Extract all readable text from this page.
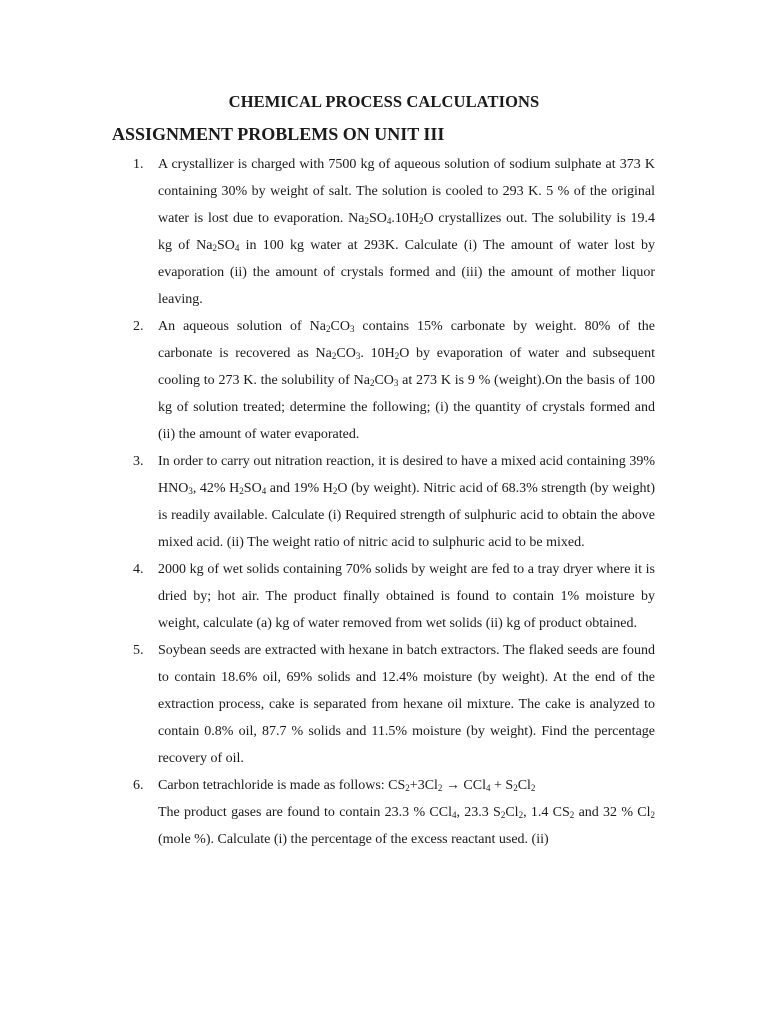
CHEMICAL PROCESS CALCULATIONS
ASSIGNMENT PROBLEMS ON UNIT III
1.	A crystallizer is charged with 7500 kg of aqueous solution of sodium sulphate at 373 K containing 30% by weight of salt. The solution is cooled to 293 K. 5 % of the original water is lost due to evaporation. $Na_2SO_4.10H_2O$ crystallizes out. The solubility is 19.4 kg of $Na_2SO_4$ in 100 kg water at 293K. Calculate (i) The amount of water lost by evaporation (ii) the amount of crystals formed and (iii) the amount of mother liquor leaving.

2.	An aqueous solution of $Na_2CO_3$ contains 15% carbonate by weight. 80% of the carbonate is recovered as $Na_2CO_3$. $10H_2O$ by evaporation of water and subsequent cooling to 273 K. the solubility of $Na_2CO_3$ at 273 K is 9 % (weight).On the basis of 100 kg of solution treated; determine the following; (i) the quantity of crystals formed and (ii) the amount of water evaporated.

3.	In order to carry out nitration reaction, it is desired to have a mixed acid containing 39% $HNO_3$, 42% $H_2SO_4$ and 19% $H_2O$ (by weight). Nitric acid of 68.3% strength (by weight) is readily available. Calculate (i) Required strength of sulphuric acid to obtain the above mixed acid. (ii) The weight ratio of nitric acid to sulphuric acid to be mixed.

4.	2000 kg of wet solids containing 70% solids by weight are fed to a tray dryer where it is dried by; hot air. The product finally obtained is found to contain 1% moisture by weight, calculate (a) kg of water removed from wet solids (ii) kg of product obtained.

5.	Soybean seeds are extracted with hexane in batch extractors. The flaked seeds are found to contain 18.6% oil, 69% solids and 12.4% moisture (by weight). At the end of the extraction process, cake is separated from hexane oil mixture. The cake is analyzed to contain 0.8% oil, 87.7 % solids and 11.5% moisture (by weight). Find the percentage recovery of oil.

6.	Carbon tetrachloride is made as follows: $CS_2+3Cl_2 \to CCl_4 + S_2Cl_2$

The product gases are found to contain 23.3 % CCl$_4$, 23.3 $S_2Cl_2$, 1.4 $CS_2$ and 32 % $Cl_2$ (mole %). Calculate (i) the percentage of the excess reactant used. (ii)
